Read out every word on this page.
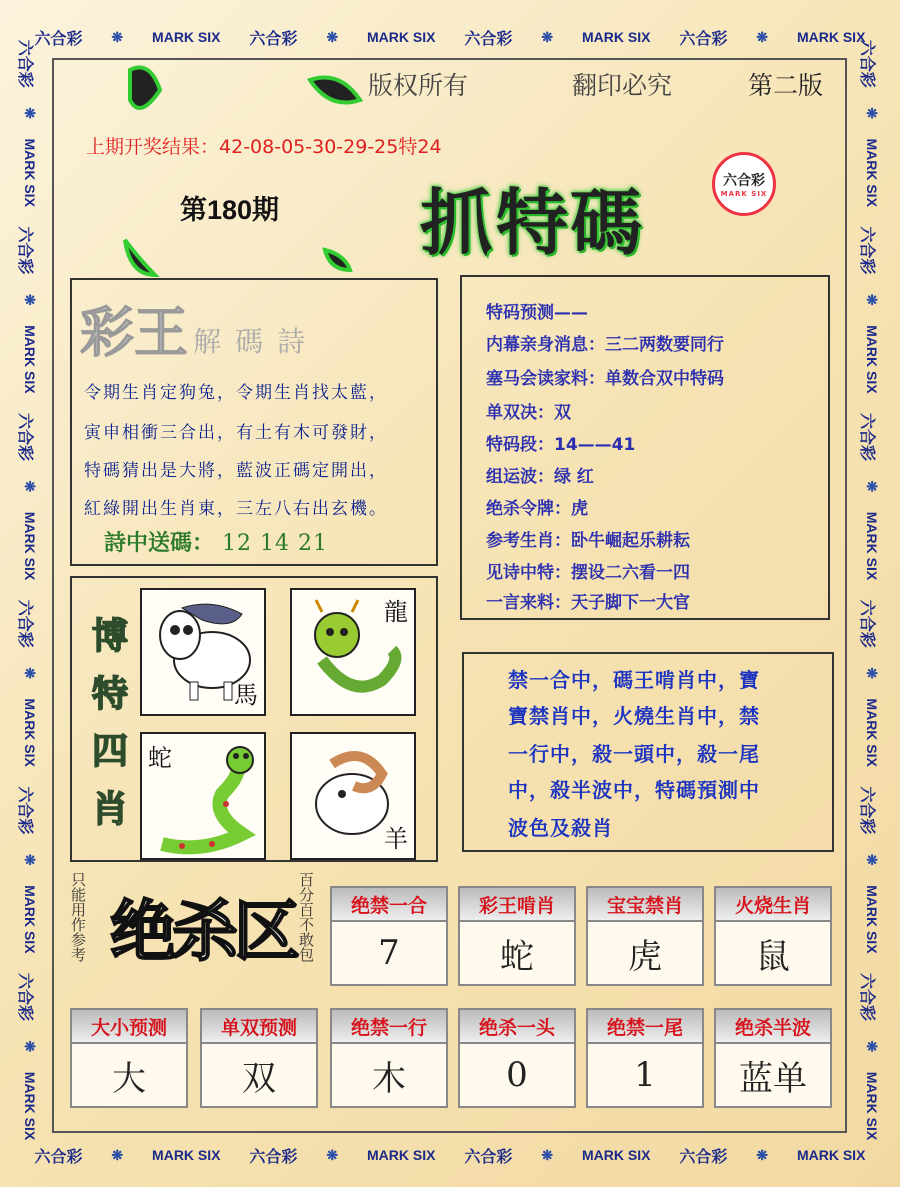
六合彩 ❋ MARK SIX 六合彩 ❋ MARK SIX 六合彩 ❋ MARK SIX 六合彩 ❋ MARK SIX
六合彩 ❋ MARK SIX 六合彩 ❋ MARK SIX 六合彩 ❋ MARK SIX 六合彩 ❋ MARK SIX
六合彩
❋
MARK SIX
六合彩
❋
MARK SIX
六合彩
❋
MARK SIX
六合彩
❋
MARK SIX
六合彩
❋
MARK SIX
六合彩
❋
MARK SIX
六合彩
❋
MARK SIX
六合彩
❋
MARK SIX
六合彩
❋
MARK SIX
六合彩
❋
MARK SIX
六合彩
❋
MARK SIX
六合彩
❋
MARK SIX
版权所有	翻印必究	第二版
上期开奖结果：42-08-05-30-29-25特24
第180期 抓 特 碼	六合彩
MARK SIX
彩王 解碼詩
令期生肖定狗兔，令期生肖找太藍，
寅申相衝三合出，有土有木可發財，
特碼猜出是大將，藍波正碼定開出，
紅綠開出生肖東，三左八右出玄機。
詩中送碼： 12 14 21
特码预测——
内幕亲身消息：三二两数要同行
塞马会读家料：单数合双中特码
单双决：双
特码段：14——41
组运波：绿 红
绝杀令牌：虎
参考生肖：卧牛崛起乐耕耘
见诗中特：摆设二六看一四
一言来料：天子脚下一大官
博
特
四
肖
馬
龍
蛇
羊
禁一合中，碼王啃肖中，寶
寶禁肖中，火燒生肖中，禁
一行中，殺一頭中，殺一尾
中，殺半波中，特碼預測中
波色及殺肖
只能用作参考 绝杀区 百分百不敢包	绝禁一合
7
彩王啃肖
蛇
宝宝禁肖
虎
火烧生肖
鼠
大小预测
大
单双预测
双
绝禁一行
木
绝杀一头
0
绝禁一尾
1
绝杀半波
蓝单
